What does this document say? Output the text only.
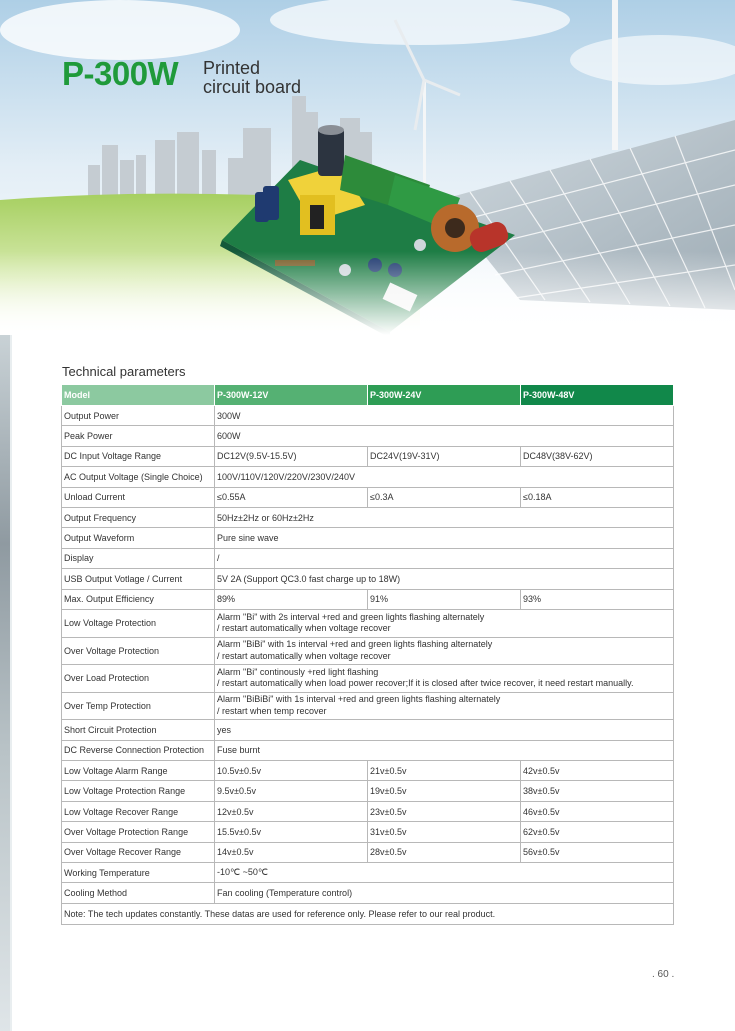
P-300W Printed
circuit board
Technical parameters
Model	P-300W-12V	P-300W-24V	P-300W-48V
Output Power	300W		
Peak Power	600W		
DC Input Voltage Range	DC12V(9.5V-15.5V)	DC24V(19V-31V)	DC48V(38V-62V)
AC Output Voltage (Single Choice)	100V/110V/120V/220V/230V/240V		
Unload Current	≤0.55A	≤0.3A	≤0.18A
Output Frequency	50Hz±2Hz or 60Hz±2Hz		
Output Waveform	Pure sine wave		
Display	/		
USB Output Votlage / Current	5V 2A (Support QC3.0 fast charge up to 18W)		
Max. Output Efficiency	89%	91%	93%
Low Voltage Protection	Alarm "Bi" with 2s interval +red and green lights flashing alternately
/ restart automatically when voltage recover		

Over Voltage Protection	Alarm "BiBi" with 1s interval +red and green lights flashing alternately
/ restart automatically when voltage recover		

Over Load Protection	Alarm "Bi" continously +red light flashing
/ restart automatically when load power recover;If it is closed after twice recover, it need restart manually.		

Over Temp Protection	Alarm "BiBiBi" with 1s interval +red and green lights flashing alternately
/ restart when temp recover		

Short Circuit Protection	yes		
DC Reverse Connection Protection	Fuse burnt		
Low Voltage Alarm Range	10.5v±0.5v	21v±0.5v	42v±0.5v
Low Voltage Protection Range	9.5v±0.5v	19v±0.5v	38v±0.5v
Low Voltage Recover Range	12v±0.5v	23v±0.5v	46v±0.5v
Over Voltage Protection Range	15.5v±0.5v	31v±0.5v	62v±0.5v
Over Voltage Recover Range	14v±0.5v	28v±0.5v	56v±0.5v
Working Temperature	-10℃ ~50℃		
Cooling Method	Fan cooling (Temperature control)		
Note: The tech updates constantly. These datas are used for reference only. Please refer to our real product.			
. 60 .
